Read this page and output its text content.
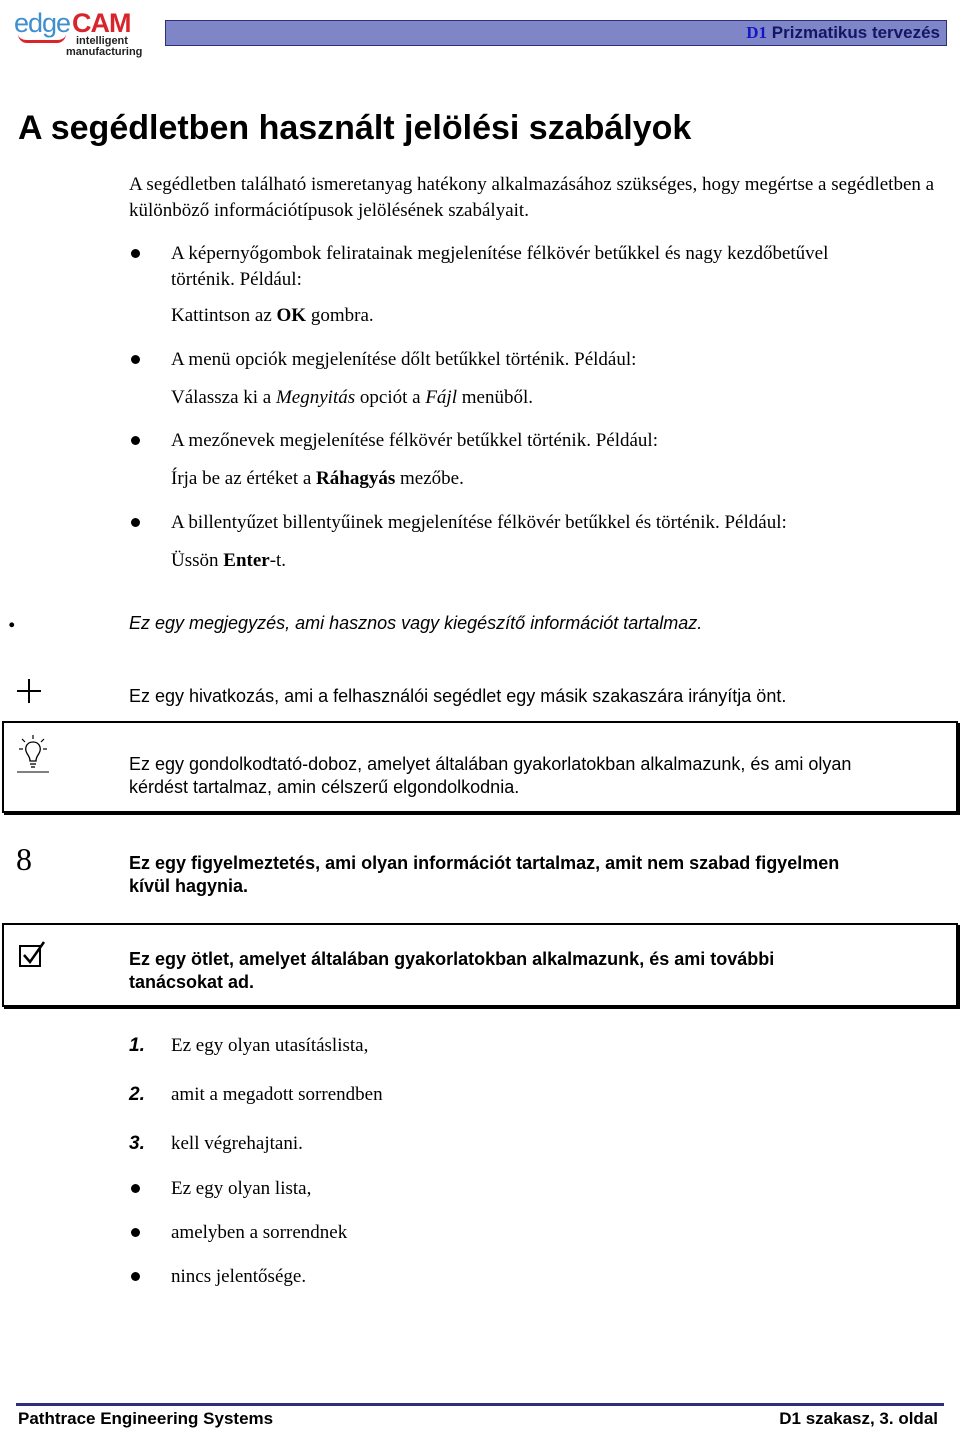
edge CAM
intelligent
manufacturing
D1 Prizmatikus tervezés
A segédletben használt jelölési szabályok
A segédletben található ismeretanyag hatékony alkalmazásához szükséges, hogy megértse a segédletben a különböző információtípusok jelölésének szabályait.
A képernyőgombok feliratainak megjelenítése félkövér betűkkel és nagy kezdőbetűvel
történik. Például:
Kattintson az OK gombra.
A menü opciók megjelenítése dőlt betűkkel történik. Például:
Válassza ki a Megnyitás opciót a Fájl menüből.
A mezőnevek megjelenítése félkövér betűkkel történik. Például:
Írja be az értéket a Ráhagyás mezőbe.
A billentyűzet billentyűinek megjelenítése félkövér betűkkel és történik. Például:
Üssön Enter-t.
.	Ez egy megjegyzés, ami hasznos vagy kiegészítő információt tartalmaz.
Ez egy hivatkozás, ami a felhasználói segédlet egy másik szakaszára irányítja önt.
Ez egy gondolkodtató-doboz, amelyet általában gyakorlatokban alkalmazunk, és ami olyan
kérdést tartalmaz, amin célszerű elgondolkodnia.
8	Ez egy figyelmeztetés, ami olyan információt tartalmaz, amit nem szabad figyelmen
kívül hagynia.
Ez egy ötlet, amelyet általában gyakorlatokban alkalmazunk, és ami további
tanácsokat ad.
1. Ez egy olyan utasításlista,
2. amit a megadott sorrendben
3. kell végrehajtani.
Ez egy olyan lista,
amelyben a sorrendnek
nincs jelentősége.
Pathtrace Engineering Systems	D1 szakasz, 3. oldal
